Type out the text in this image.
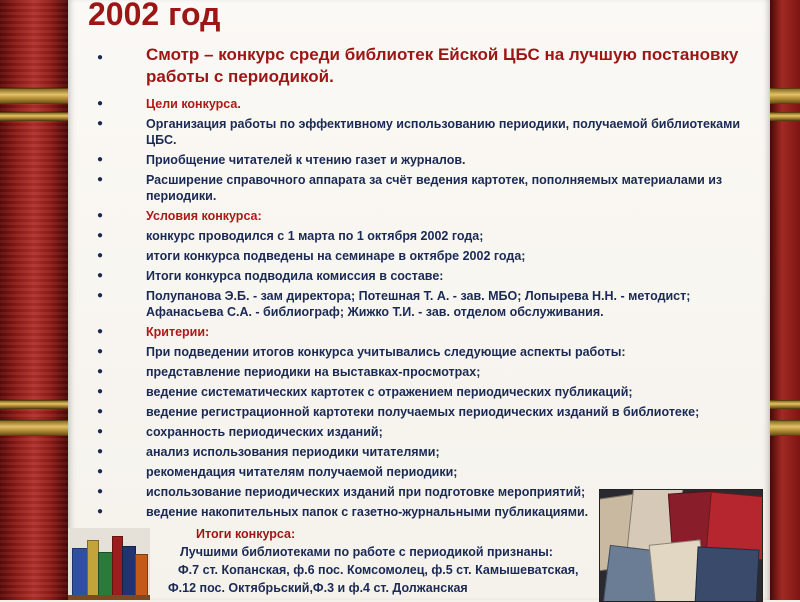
2002 год
● Смотр – конкурс среди библиотек Ейской ЦБС на лучшую постановку работы с периодикой.
● Цели конкурса.
● Организация работы по эффективному использованию периодики, получаемой библиотеками ЦБС.
● Приобщение читателей к чтению газет и журналов.
● Расширение справочного аппарата за счёт ведения картотек, пополняемых материалами из периодики.
● Условия конкурса:
● конкурс проводился с 1 марта по 1 октября 2002 года;
● итоги конкурса подведены на семинаре в октябре 2002 года;
● Итоги конкурса подводила комиссия в составе:
● Полупанова Э.Б. - зам директора; Потешная Т. А. - зав. МБО; Лопырева Н.Н. - методист; Афанасьева С.А. - библиограф; Жижко Т.И. - зав. отделом обслуживания.
● Критерии:
● При подведении итогов конкурса учитывались следующие аспекты работы:
● представление периодики на выставках-просмотрах;
● ведение систематических картотек с отражением периодических публикаций;
● ведение регистрационной картотеки получаемых периодических изданий в библиотеке;
● сохранность периодических изданий;
● анализ использования периодики читателями;
● рекомендация читателям получаемой периодики;
● использование периодических изданий при подготовке мероприятий;
● ведение накопительных папок с газетно-журнальными публикациями.
Итоги конкурса:
Лучшими библиотеками по работе с периодикой признаны:
Ф.7 ст. Копанская, ф.6 пос. Комсомолец, ф.5 ст. Камышеватская,
● Ф.12 пос. Октябрьский,Ф.3 и ф.4 ст. Должанская
